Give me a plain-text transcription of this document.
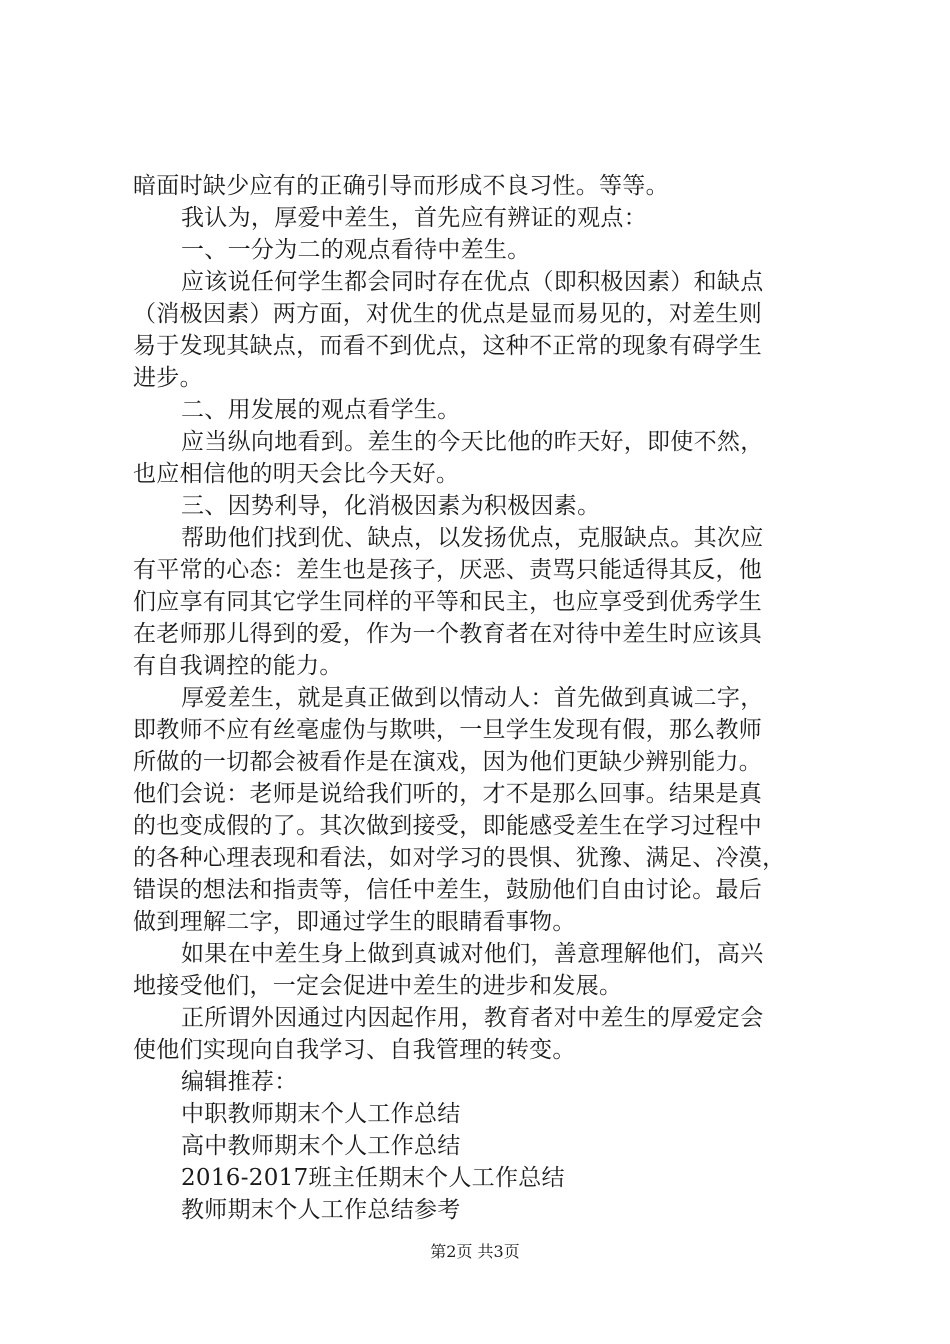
暗面时缺少应有的正确引导而形成不良习性。等等。
我认为，厚爱中差生，首先应有辨证的观点：
一、一分为二的观点看待中差生。
应该说任何学生都会同时存在优点（即积极因素）和缺点
（消极因素）两方面，对优生的优点是显而易见的，对差生则
易于发现其缺点，而看不到优点，这种不正常的现象有碍学生
进步。
二、用发展的观点看学生。
应当纵向地看到。差生的今天比他的昨天好，即使不然，
也应相信他的明天会比今天好。
三、因势利导，化消极因素为积极因素。
帮助他们找到优、缺点，以发扬优点，克服缺点。其次应
有平常的心态：差生也是孩子，厌恶、责骂只能适得其反，他
们应享有同其它学生同样的平等和民主，也应享受到优秀学生
在老师那儿得到的爱，作为一个教育者在对待中差生时应该具
有自我调控的能力。
厚爱差生，就是真正做到以情动人：首先做到真诚二字，
即教师不应有丝毫虚伪与欺哄，一旦学生发现有假，那么教师
所做的一切都会被看作是在演戏，因为他们更缺少辨别能力。
他们会说：老师是说给我们听的，才不是那么回事。结果是真
的也变成假的了。其次做到接受，即能感受差生在学习过程中
的各种心理表现和看法，如对学习的畏惧、犹豫、满足、冷漠，
错误的想法和指责等，信任中差生，鼓励他们自由讨论。最后
做到理解二字，即通过学生的眼睛看事物。
如果在中差生身上做到真诚对他们，善意理解他们，高兴
地接受他们，一定会促进中差生的进步和发展。
正所谓外因通过内因起作用，教育者对中差生的厚爱定会
使他们实现向自我学习、自我管理的转变。
编辑推荐：
中职教师期末个人工作总结
高中教师期末个人工作总结
2016-2017班主任期末个人工作总结
教师期末个人工作总结参考
第2页 共3页
